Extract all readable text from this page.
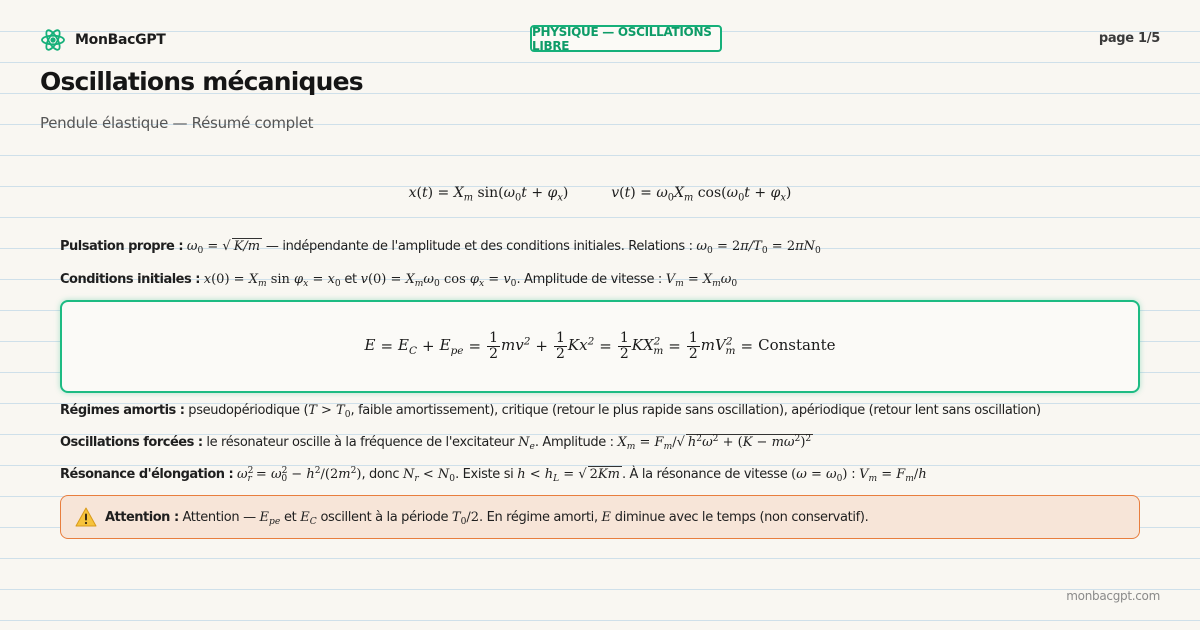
MonBacGPT
PHYSIQUE — OSCILLATIONS LIBRE	page 1/5
Oscillations mécaniques
Pendule élastique — Résumé complet
$x(t) = X_m$ $\sin(\omega_0t + \varphi_x)$	$v(t) = \omega_0X_m$ $\cos(\omega_0t + \varphi_x)$
Pulsation propre : $\omega_0$ = √ K/m — indépendante de l'amplitude et des conditions initiales. Relations : $\omega_0 = 2\pi/T_0 = 2\pi N_0$
Conditions initiales : $x(0) = X_m$ $\sin \varphi_x = x_0$ et $v(0) = X_m\omega_0$ $\cos \varphi_x = v_0$. Amplitude de vitesse : $V_m = X_m\omega_0$
$E = E_C + E_{pe} = \frac{1}{2} mv^2 + \frac{1}{2} Kx^2 = \frac{1}{2} KX^2_m = \frac{1}{2} mV^2_m$ = Constante
Régimes amortis : pseudopériodique ($T > T_0$, faible amortissement), critique (retour le plus rapide sans oscillation), apériodique (retour lent sans oscillation)
Oscillations forcées : le résonateur oscille à la fréquence de l'excitateur $N_e$. Amplitude : $X_m = F_m/√$ $h^2\omega^2 + (K - m\omega^2)^2$
Résonance d'élongation : $\omega^2_r = \omega^2_0 - h^2/(2m^2)$, donc $N_r < N_0$. Existe si $h < h_L$ = √ 2Km . À la résonance de vitesse $(\omega = \omega_0)$ : $V_m = F_m/h$
Attention : Attention — $E_{pe}$ et $E_C$ oscillent à la période $T_0/2$ . En régime amorti, E diminue avec le temps (non conservatif).
monbacgpt.com
